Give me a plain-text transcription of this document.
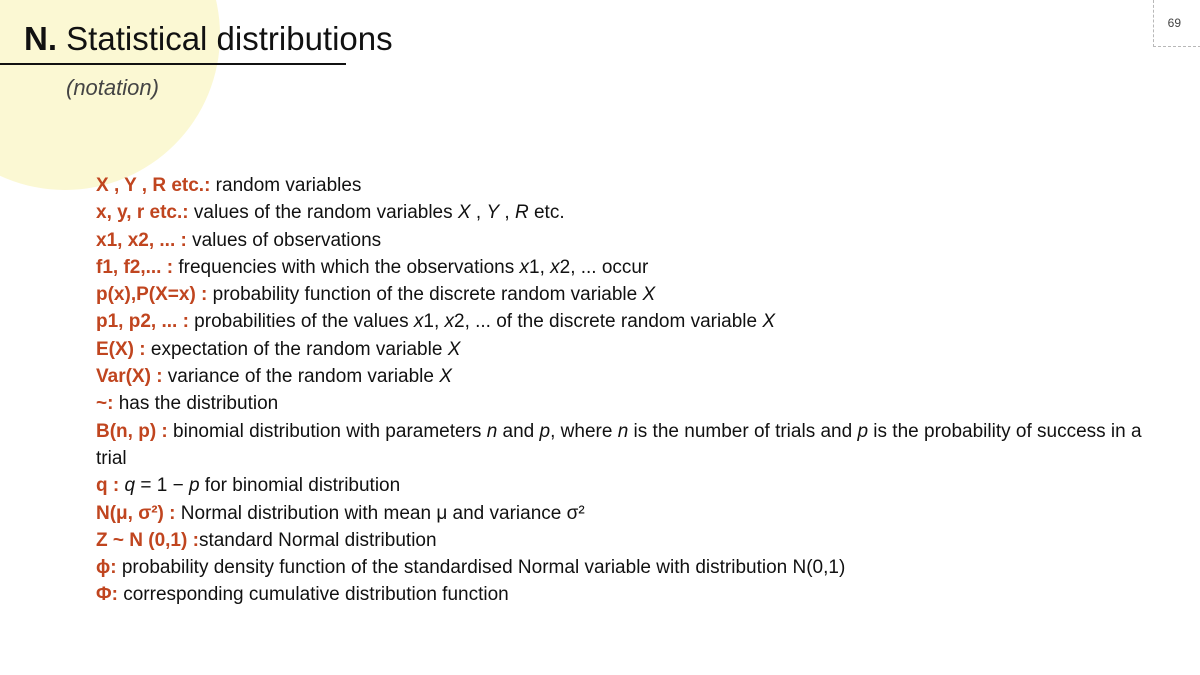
69
N. Statistical distributions
(notation)

X , Y , R etc.: random variables

x, y, r etc.: values of the random variables X , Y , R etc.

x1, x2, ... : values of observations

f1, f2,... : frequencies with which the observations x1, x2, ... occur

p(x),P(X=x) : probability function of the discrete random variable X

p1, p2, ... : probabilities of the values x1, x2, ... of the discrete random variable X

E(X) : expectation of the random variable X

Var(X) : variance of the random variable X

~: has the distribution

B(n, p) : binomial distribution with parameters n and p, where n is the number of trials and p is the probability of success in a trial

q : q = 1 − p for binomial distribution

N(μ, σ²) : Normal distribution with mean μ and variance σ²

Z ~ N (0,1) :standard Normal distribution

ϕ: probability density function of the standardised Normal variable with distribution N(0,1)

Φ: corresponding cumulative distribution function
